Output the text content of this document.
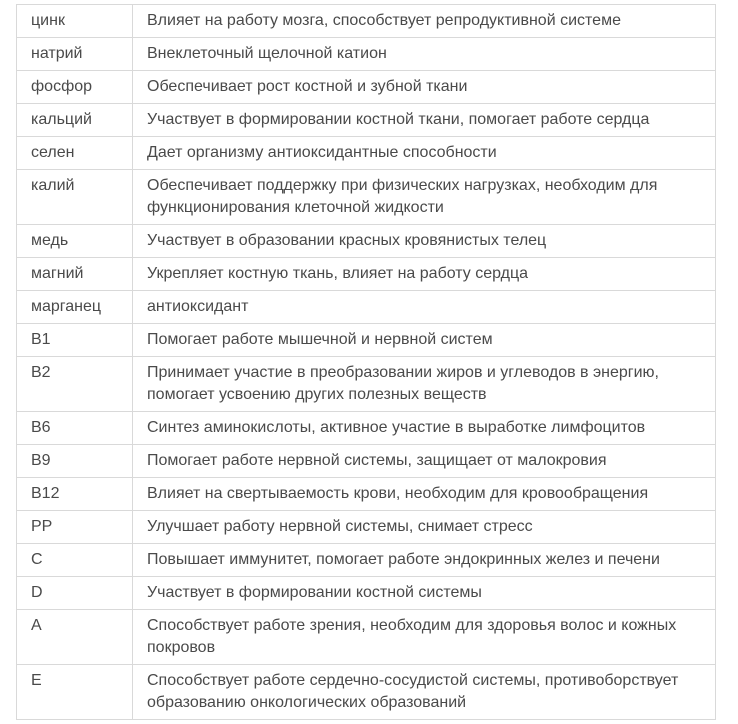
цинк	Влияет на работу мозга, способствует репродуктивной системе
натрий	Внеклеточный щелочной катион
фосфор	Обеспечивает рост костной и зубной ткани
кальций	Участвует в формировании костной ткани, помогает работе сердца
селен	Дает организму антиоксидантные способности
калий	Обеспечивает поддержку при физических нагрузках, необходим для функционирования клеточной жидкости
медь	Участвует в образовании красных кровянистых телец
магний	Укрепляет костную ткань, влияет на работу сердца
марганец	антиоксидант
В1	Помогает работе мышечной и нервной систем
В2	Принимает участие в преобразовании жиров и углеводов в энергию, помогает усвоению других полезных веществ
В6	Синтез аминокислоты, активное участие в выработке лимфоцитов
В9	Помогает работе нервной системы, защищает от малокровия
В12	Влияет на свертываемость крови, необходим для кровообращения
РР	Улучшает работу нервной системы, снимает стресс
С	Повышает иммунитет, помогает работе эндокринных желез и печени
D	Участвует в формировании костной системы
А	Способствует работе зрения, необходим для здоровья волос и кожных покровов
Е	Способствует работе сердечно-сосудистой системы, противоборствует образованию онкологических образований
